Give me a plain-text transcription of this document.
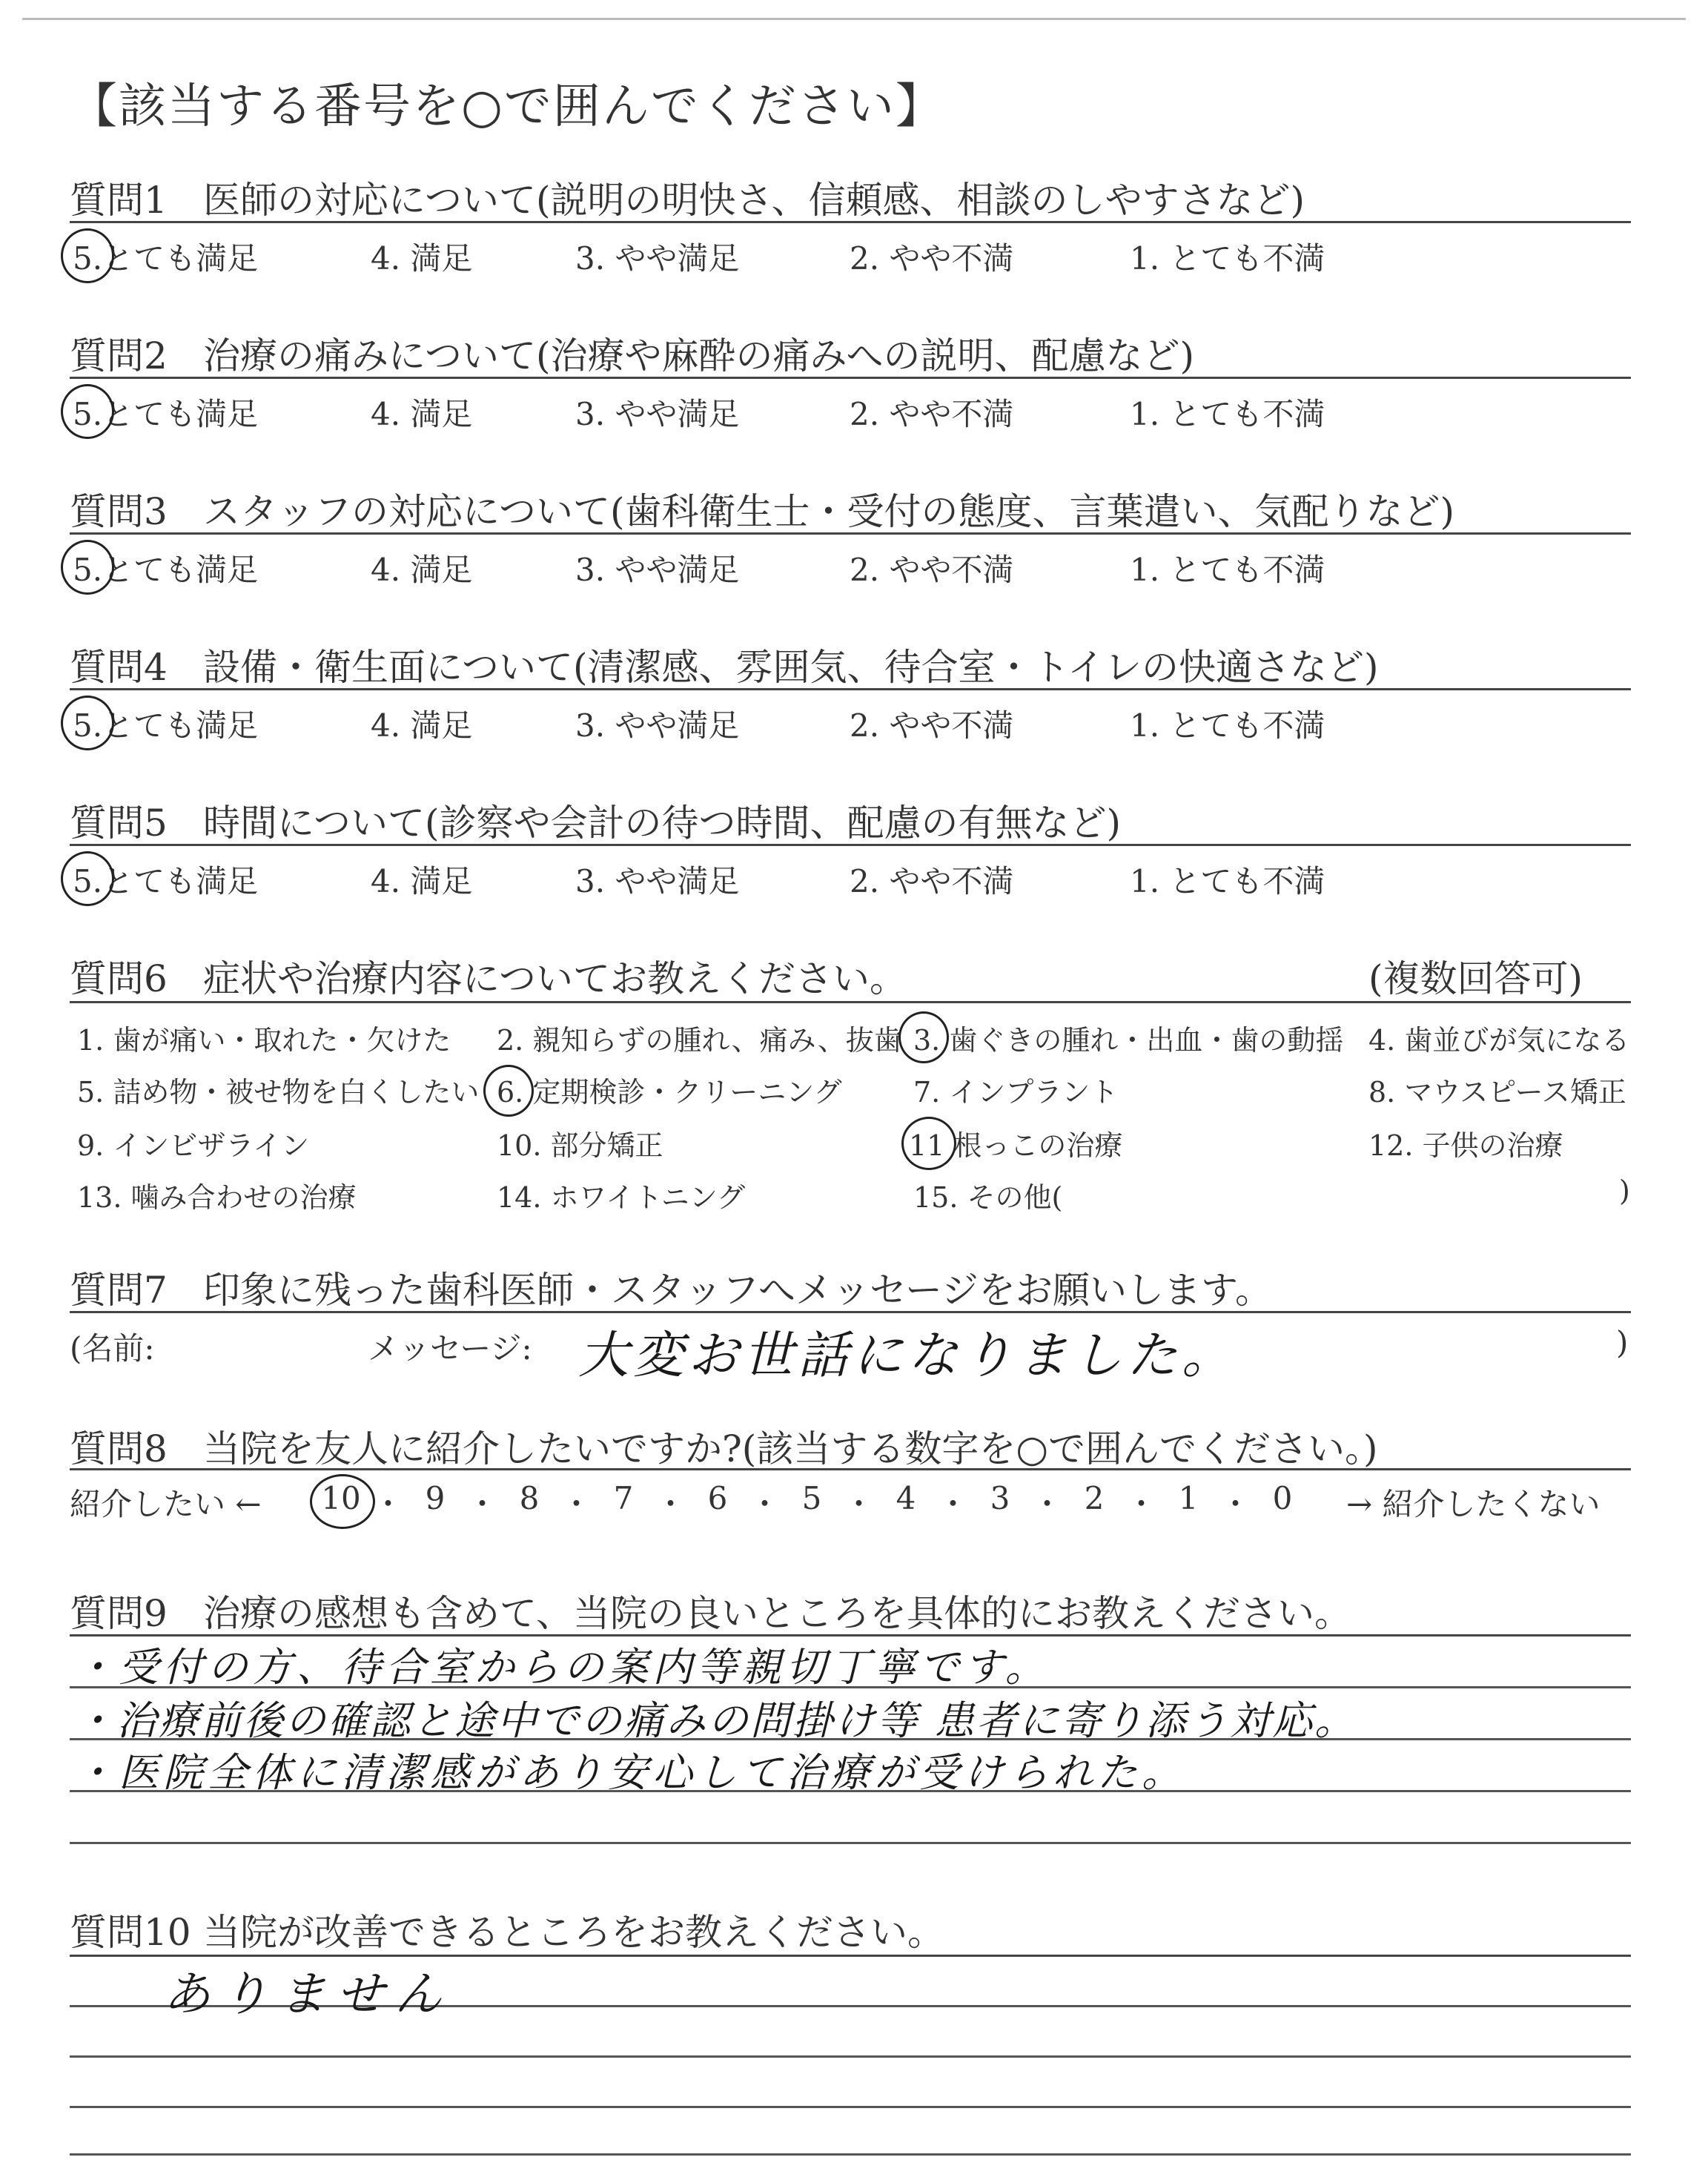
【該当する番号を○で囲んでください】
質問1 医師の対応について(説明の明快さ、信頼感、相談のしやすさなど)
5.とても満足	4. 満足	3. やや満足	2. やや不満	1. とても不満
質問2 治療の痛みについて(治療や麻酔の痛みへの説明、配慮など)
5.とても満足	4. 満足	3. やや満足	2. やや不満	1. とても不満
質問3 スタッフの対応について(歯科衛生士・受付の態度、言葉遣い、気配りなど)
5.とても満足	4. 満足	3. やや満足	2. やや不満	1. とても不満
質問4 設備・衛生面について(清潔感、雰囲気、待合室・トイレの快適さなど)
5.とても満足	4. 満足	3. やや満足	2. やや不満	1. とても不満
質問5 時間について(診察や会計の待つ時間、配慮の有無など)
5.とても満足	4. 満足	3. やや満足	2. やや不満	1. とても不満
質問6 症状や治療内容についてお教えください。	(複数回答可)
1. 歯が痛い・取れた・欠けた 2. 親知らずの腫れ、痛み、抜歯 3. 歯ぐきの腫れ・出血・歯の動揺 4. 歯並びが気になる
5. 詰め物・被せ物を白くしたい 6. 定期検診・クリーニング	7. インプラント	8. マウスピース矯正
9. インビザライン	10. 部分矯正	11 根っこの治療	12. 子供の治療
13. 噛み合わせの治療	14. ホワイトニング	15. その他(	)
質問7 印象に残った歯科医師・スタッフへメッセージをお願いします。
(名前:	メッセージ: 大変お世話になりました。	)
質問8 当院を友人に紹介したいですか?(該当する数字を○で囲んでください。)
紹介したい ← 10 ・ 9 ・ 8 ・ 7 ・ 6 ・ 5 ・ 4 ・ 3 ・ 2 ・ 1 ・ 0	→ 紹介したくない
質問9 治療の感想も含めて、当院の良いところを具体的にお教えください。
・受付の方、待合室からの案内等親切丁寧です。
・治療前後の確認と途中での痛みの問掛け等 患者に寄り添う対応。
・医院全体に清潔感があり安心して治療が受けられた。
質問10 当院が改善できるところをお教えください。
ありません
